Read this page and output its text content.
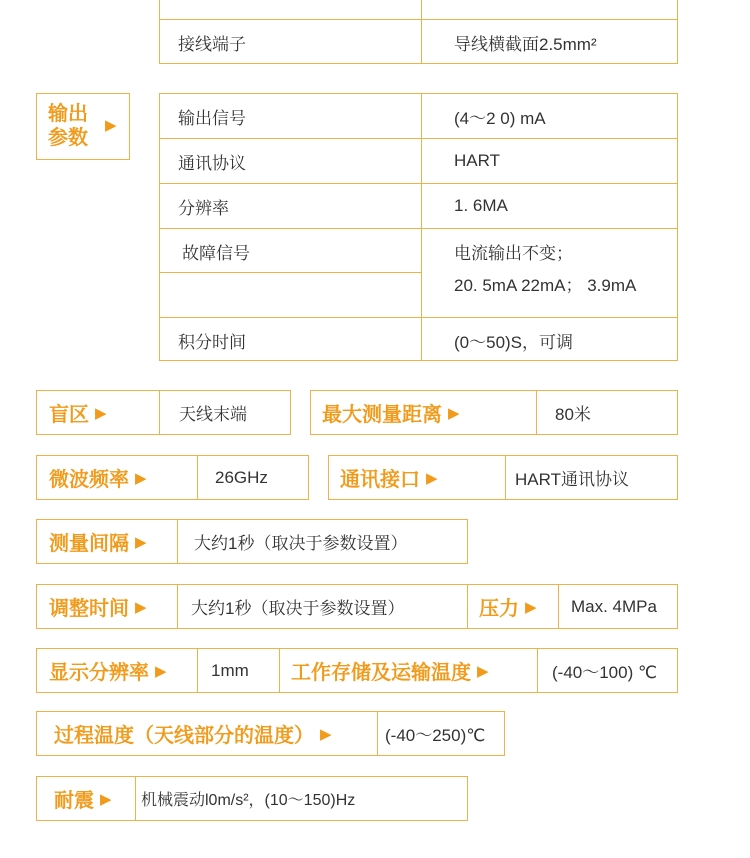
接线端子	导线横截面2.5mm²
输出
参数
▶	输出信号	(4〜2 0) mA
通讯协议	HART
分辨率	1. 6MA
故障信号	电流输出不变；
20. 5mA 22mA； 3.9mA
积分时间	(0〜50)S，可调
盲区 ▶	天线末端	最大测量距离 ▶	80米
微波频率 ▶	26GHz	通讯接口 ▶	HART通讯协议
测量间隔 ▶	大约1秒（取决于参数设置）
调整时间 ▶	大约1秒（取决于参数设置）	压力 ▶ Max. 4MPa
显示分辨率 ▶	1mm 工作存储及运输温度 ▶	(-40〜100) ℃
过程温度（天线部分的温度） ▶	(-40〜250)℃
耐震 ▶ 机械震动l0m/s²，(10〜150)Hz
